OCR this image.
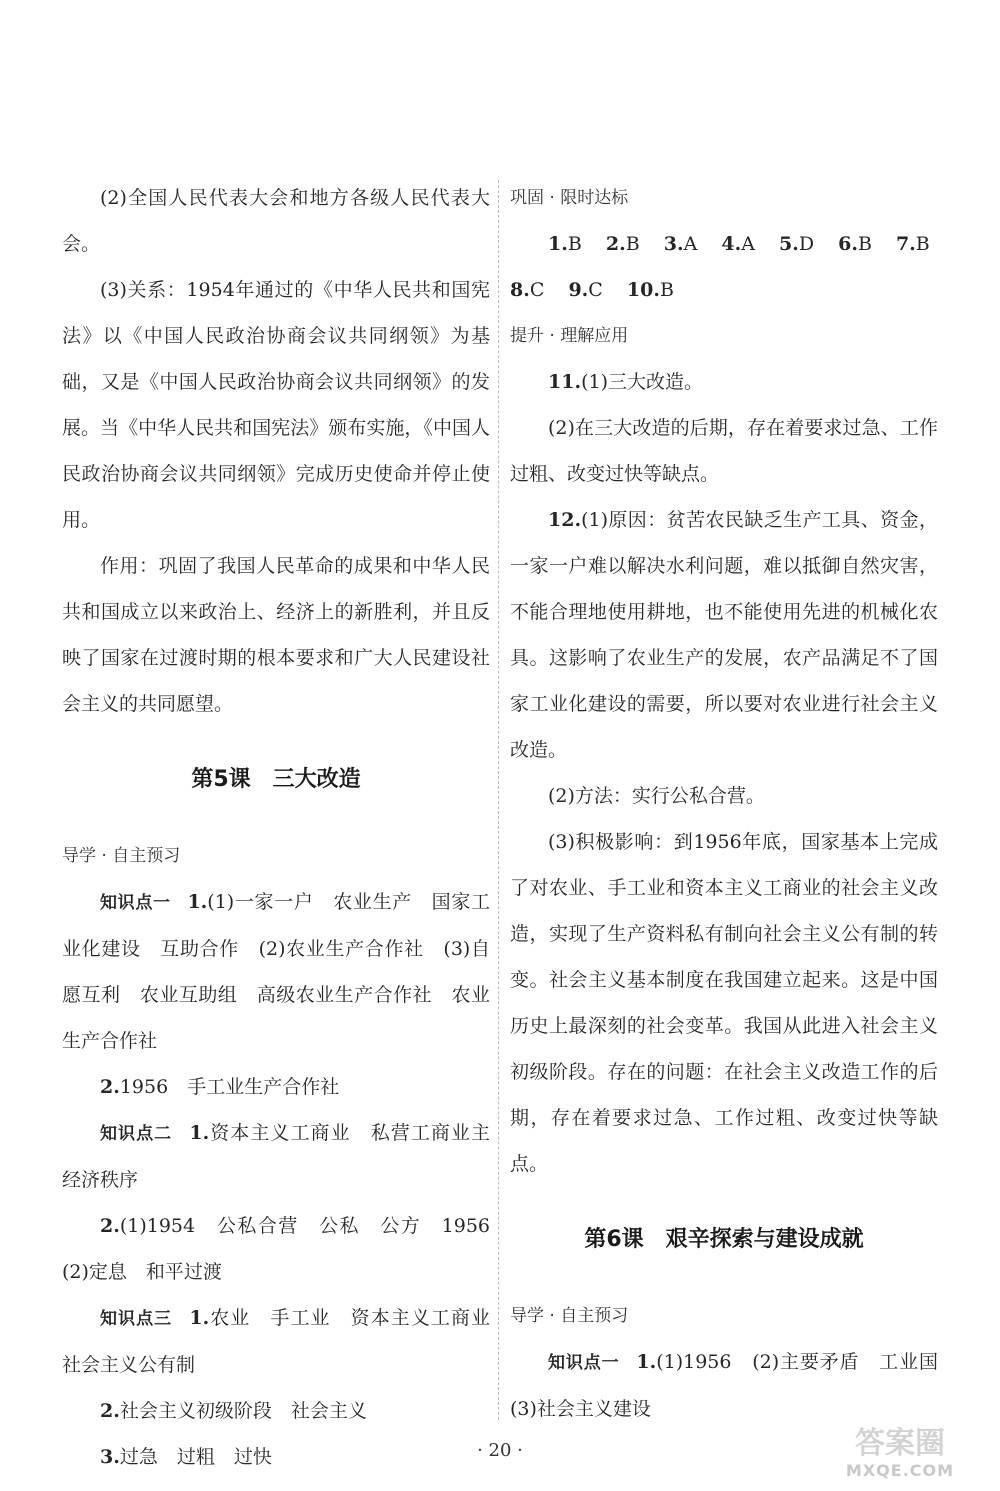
(2)全国人民代表大会和地方各级人民代表大会。

(3)关系：1954年通过的《中华人民共和国宪法》以《中国人民政治协商会议共同纲领》为基础，又是《中国人民政治协商会议共同纲领》的发展。当《中华人民共和国宪法》颁布实施，《中国人民政治协商会议共同纲领》完成历史使命并停止使用。

作用：巩固了我国人民革命的成果和中华人民共和国成立以来政治上、经济上的新胜利，并且反映了国家在过渡时期的根本要求和广大人民建设社会主义的共同愿望。

第5课　三大改造

导学 · 自主预习

知识点一 1.(1)一家一户　农业生产　国家工业化建设　互助合作　(2)农业生产合作社　(3)自愿互利　农业互助组　高级农业生产合作社　农业生产合作社

2.1956　手工业生产合作社

知识点二 1.资本主义工商业　私营工商业主　经济秩序

2.(1)1954　公私合营　公私　公方　1956　(2)定息　和平过渡

知识点三 1.农业　手工业　资本主义工商业　社会主义公有制

2.社会主义初级阶段　社会主义

3.过急　过粗　过快

巩固 · 限时达标

1.B 2.B 3.A 4.A 5.D 6.B 7.B

8.C 9.C 10.B

提升 · 理解应用

11.(1)三大改造。

(2)在三大改造的后期，存在着要求过急、工作过粗、改变过快等缺点。

12.(1)原因：贫苦农民缺乏生产工具、资金，一家一户难以解决水利问题，难以抵御自然灾害，不能合理地使用耕地，也不能使用先进的机械化农具。这影响了农业生产的发展，农产品满足不了国家工业化建设的需要，所以要对农业进行社会主义改造。

(2)方法：实行公私合营。

(3)积极影响：到1956年底，国家基本上完成了对农业、手工业和资本主义工商业的社会主义改造，实现了生产资料私有制向社会主义公有制的转变。社会主义基本制度在我国建立起来。这是中国历史上最深刻的社会变革。我国从此进入社会主义初级阶段。存在的问题：在社会主义改造工作的后期，存在着要求过急、工作过粗、改变过快等缺点。

第6课　艰辛探索与建设成就

导学 · 自主预习

知识点一 1.(1)1956　(2)主要矛盾　工业国　(3)社会主义建设

· 20 ·	答案圈
MXQE.COM
